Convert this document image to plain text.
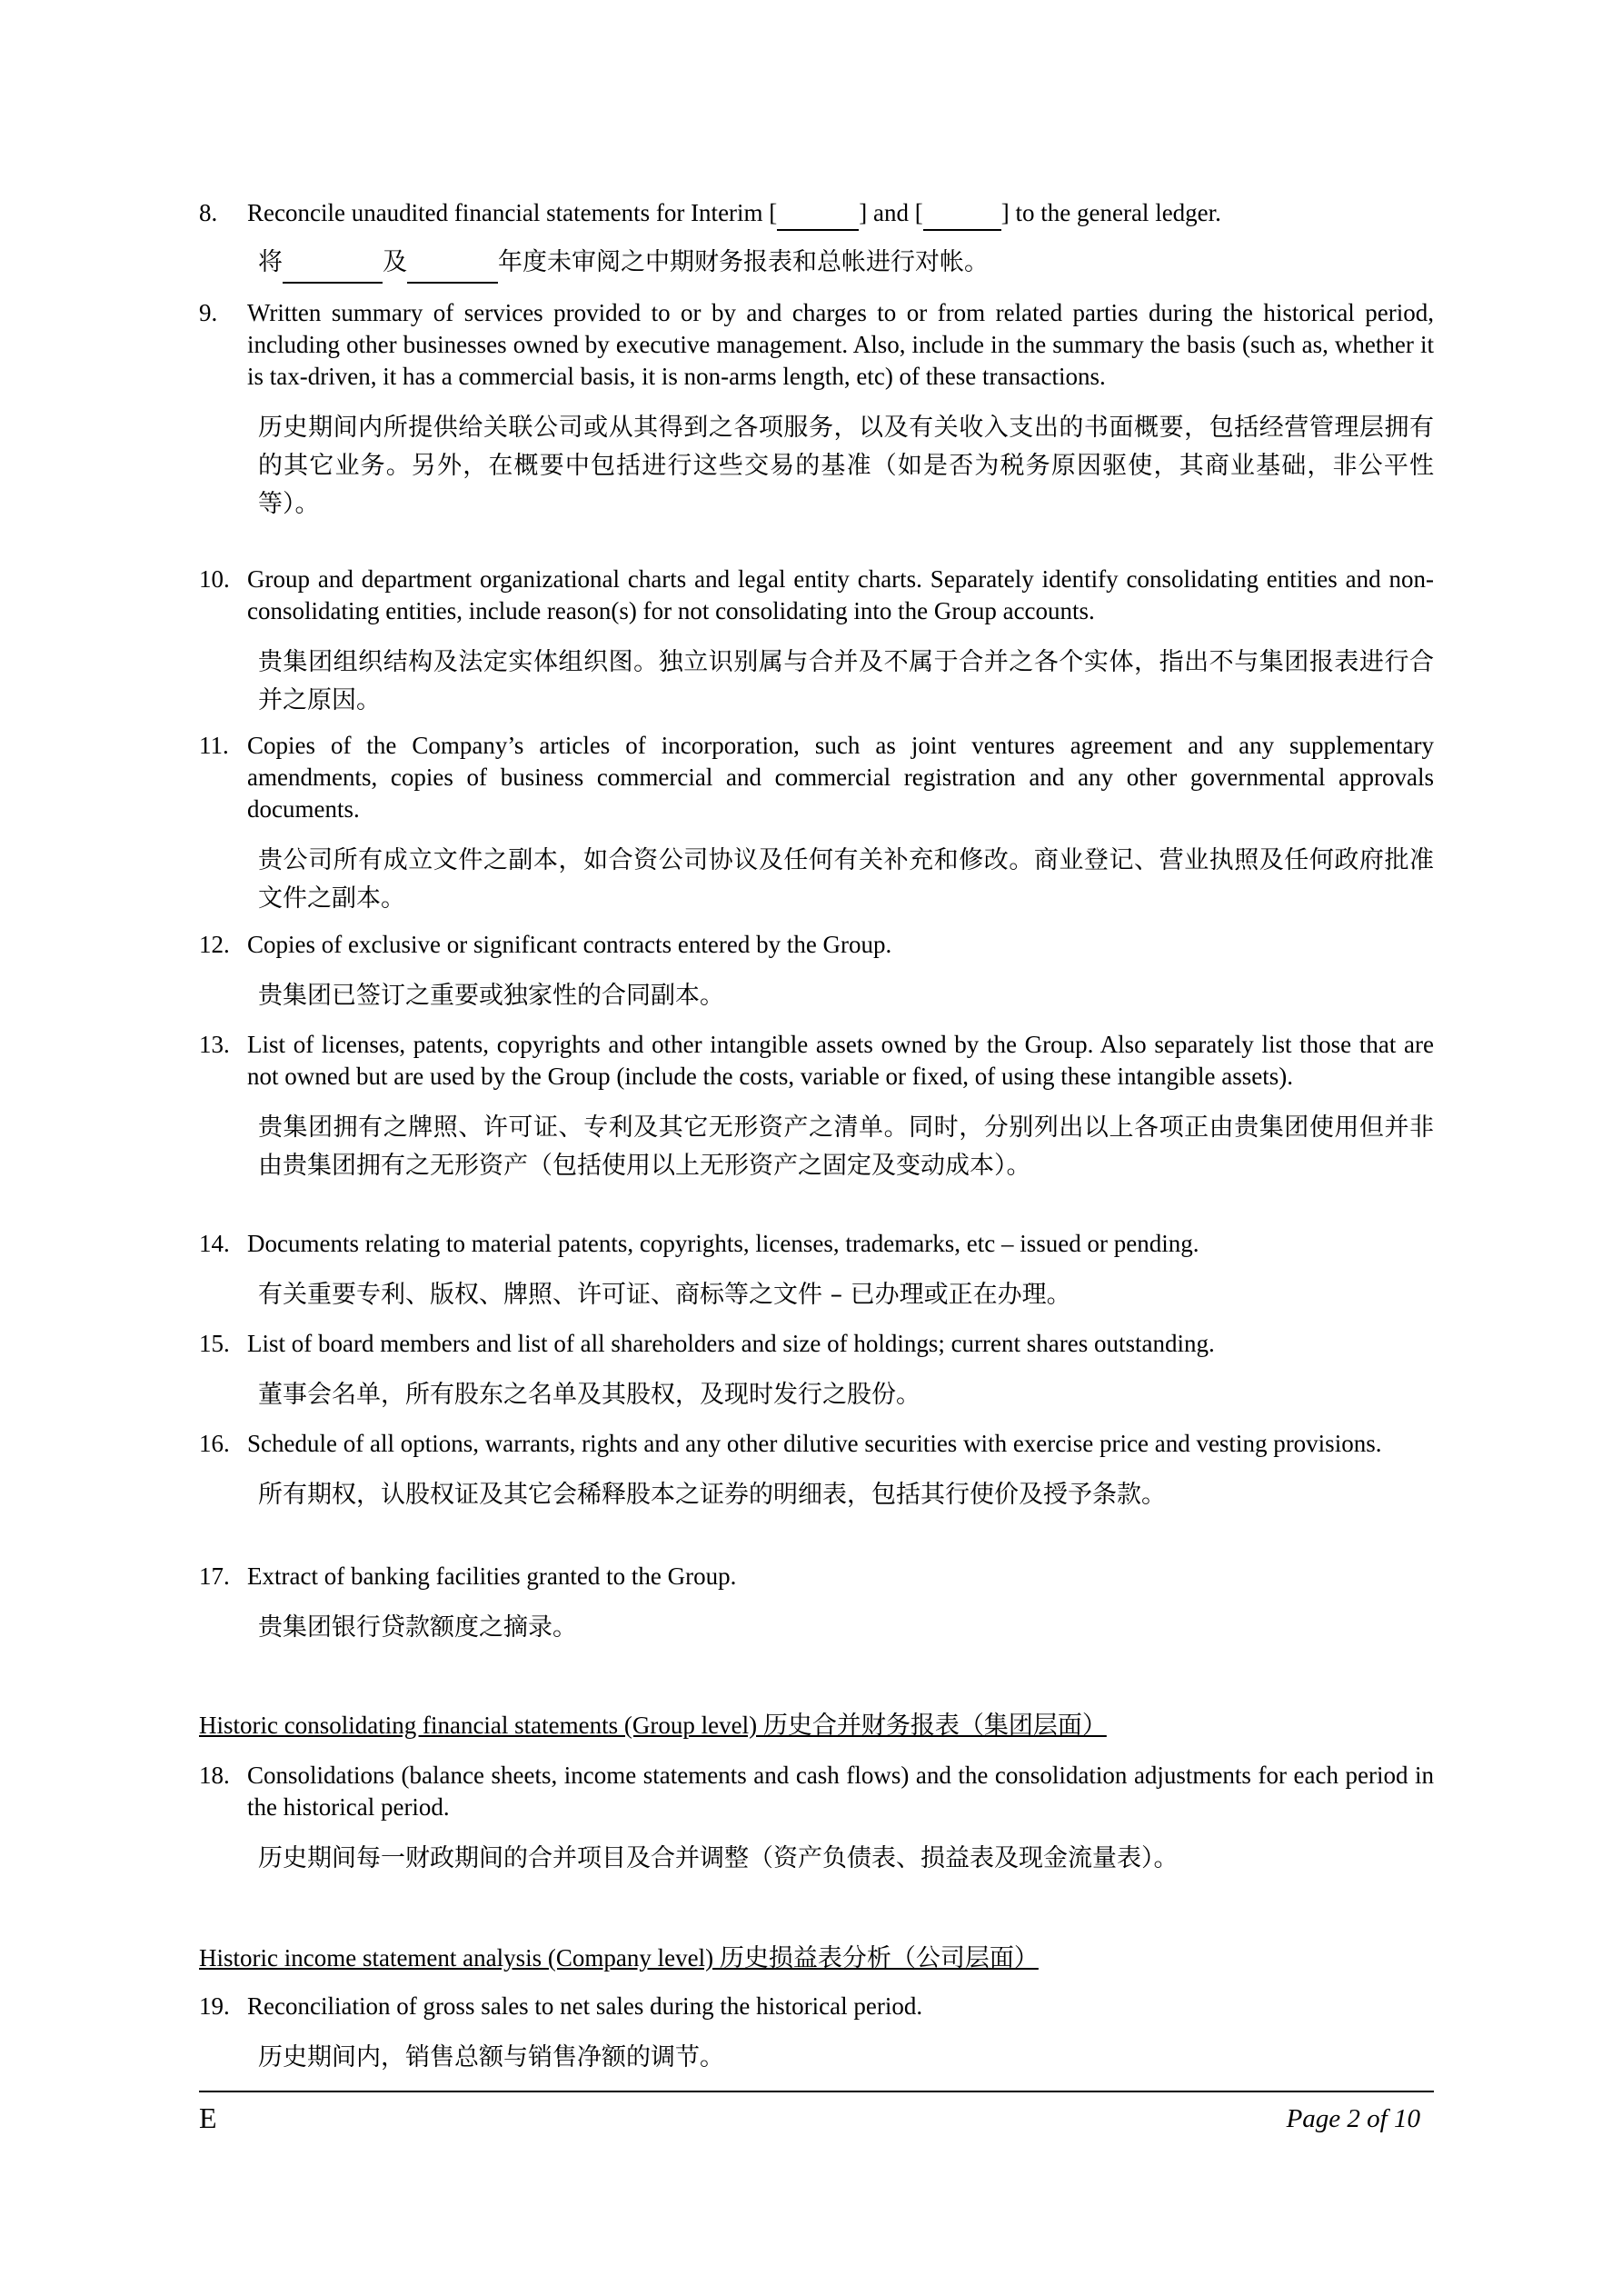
8. Reconcile unaudited financial statements for Interim [	] and [	] to the general ledger.
将	及	年度未审阅之中期财务报表和总帐进行对帐。
9. Written summary of services provided to or by and charges to or from related parties during the historical period, including other businesses owned by executive management. Also, include in the summary the basis (such as, whether it is tax-driven, it has a commercial basis, it is non-arms length, etc) of these transactions.
历史期间内所提供给关联公司或从其得到之各项服务，以及有关收入支出的书面概要，包括经营管理层拥有的其它业务。另外，在概要中包括进行这些交易的基准（如是否为税务原因驱使，其商业基础，非公平性等）。
10. Group and department organizational charts and legal entity charts. Separately identify consolidating entities and non-consolidating entities, include reason(s) for not consolidating into the Group accounts.
贵集团组织结构及法定实体组织图。独立识别属与合并及不属于合并之各个实体，指出不与集团报表进行合并之原因。
11. Copies of the Company’s articles of incorporation, such as joint ventures agreement and any supplementary amendments, copies of business commercial and commercial registration and any other governmental approvals documents.
贵公司所有成立文件之副本，如合资公司协议及任何有关补充和修改。商业登记、营业执照及任何政府批准文件之副本。
12. Copies of exclusive or significant contracts entered by the Group.
贵集团已签订之重要或独家性的合同副本。
13. List of licenses, patents, copyrights and other intangible assets owned by the Group. Also separately list those that are not owned but are used by the Group (include the costs, variable or fixed, of using these intangible assets).
贵集团拥有之牌照、许可证、专利及其它无形资产之清单。同时，分别列出以上各项正由贵集团使用但并非由贵集团拥有之无形资产（包括使用以上无形资产之固定及变动成本）。
14. Documents relating to material patents, copyrights, licenses, trademarks, etc – issued or pending.
有关重要专利、版权、牌照、许可证、商标等之文件 – 已办理或正在办理。
15. List of board members and list of all shareholders and size of holdings; current shares outstanding.
董事会名单，所有股东之名单及其股权，及现时发行之股份。
16. Schedule of all options, warrants, rights and any other dilutive securities with exercise price and vesting provisions.
所有期权，认股权证及其它会稀释股本之证券的明细表，包括其行使价及授予条款。
17. Extract of banking facilities granted to the Group.
贵集团银行贷款额度之摘录。
Historic consolidating financial statements (Group level) 历史合并财务报表（集团层面）
18. Consolidations (balance sheets, income statements and cash flows) and the consolidation adjustments for each period in the historical period.
历史期间每一财政期间的合并项目及合并调整（资产负债表、损益表及现金流量表）。
Historic income statement analysis (Company level) 历史损益表分析（公司层面）
19. Reconciliation of gross sales to net sales during the historical period.
历史期间内，销售总额与销售净额的调节。
E	Page 2 of 10
